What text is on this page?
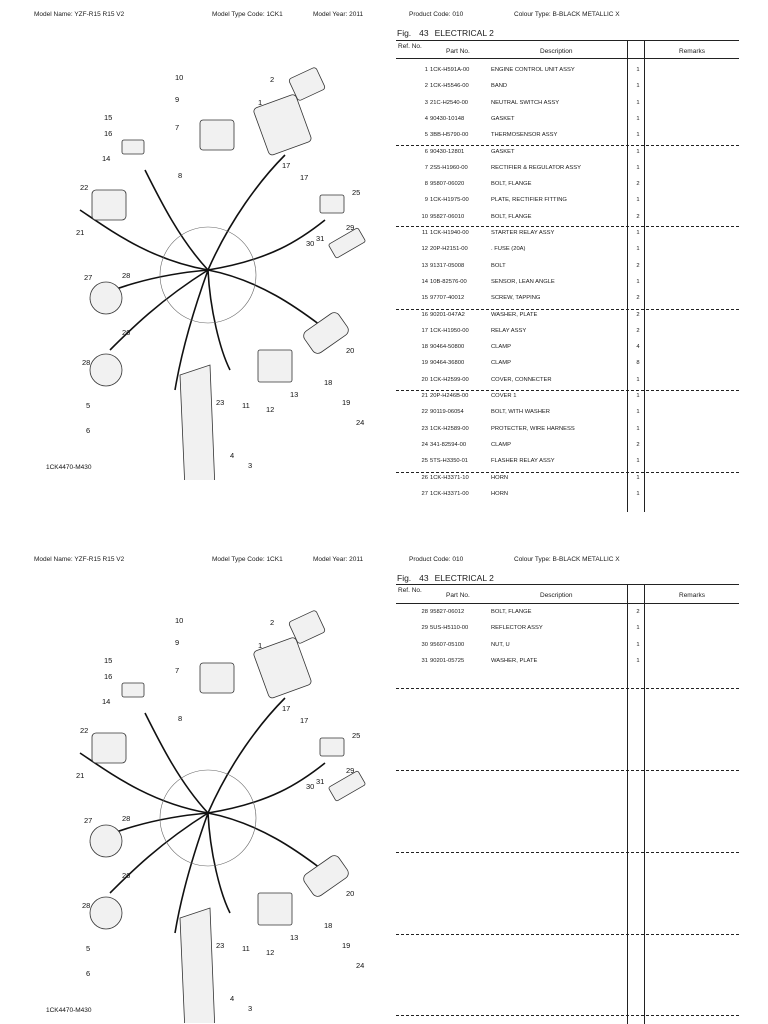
Model Name: YZF-R15 R15 V2	Model Type Code: 1CK1	Model Year: 2011	Product Code: 010	Colour Type: B-BLACK METALLIC X
Fig. 43 ELECTRICAL 2
Ref. No.
Part No.	Description	Remarks
1 1CK-H591A-00	ENGINE CONTROL UNIT ASSY	1
2 1CK-H5546-00	BAND	1
3 21C-H2540-00	NEUTRAL SWITCH ASSY	1
4 90430-10148	GASKET	1
5 3BB-H5790-00	THERMOSENSOR ASSY	1
6 90430-12801	GASKET	1
7 2S5-H1960-00	RECTIFIER & REGULATOR ASSY	1
8 95807-06020	BOLT, FLANGE	2
9 1CK-H1975-00	PLATE, RECTIFIER FITTING	1
10 95827-06010	BOLT, FLANGE	2
11 1CK-H1940-00	STARTER RELAY ASSY	1
12 20P-H2151-00	. FUSE (20A)	1
13 91317-05008	BOLT	2
14 10B-82576-00	SENSOR, LEAN ANGLE	1
15 97707-40012	SCREW, TAPPING	2
16 90201-047A2	WASHER, PLATE	2
17 1CK-H1950-00	RELAY ASSY	2
18 90464-50800	CLAMP	4
19 90464-36800	CLAMP	8
20 1CK-H2599-00	COVER, CONNECTER	1
21 20P-H246B-00	COVER 1	1
22 90119-06054	BOLT, WITH WASHER	1
23 1CK-H2589-00	PROTECTER, WIRE HARNESS	1
24 341-82594-00	CLAMP	2
25 5TS-H3350-01	FLASHER RELAY ASSY	1
26 1CK-H3371-10	HORN	1
27 1CK-H3371-00	HORN	1
10
9
7
8
2
1
15
16
14
22
21
27	28
26
28
5
6
17
17
25
29
30
31
20
18
19
24
23 11 12
13
4
3
1CK4470-M430
Model Name: YZF-R15 R15 V2	Model Type Code: 1CK1	Model Year: 2011	Product Code: 010	Colour Type: B-BLACK METALLIC X
Fig. 43 ELECTRICAL 2
Ref. No.
Part No.	Description	Remarks
28 95827-06012	BOLT, FLANGE	2
29 5US-H5110-00	REFLECTOR ASSY	1
30 95607-05100	NUT, U	1
31 90201-05725	WASHER, PLATE	1
10
9
7
8
2
1
15
16
14
22
21
27	28
26
28
5
6
17
17
25
29
30
31
20
18
19
24
23 11 12
13
4
3
1CK4470-M430
